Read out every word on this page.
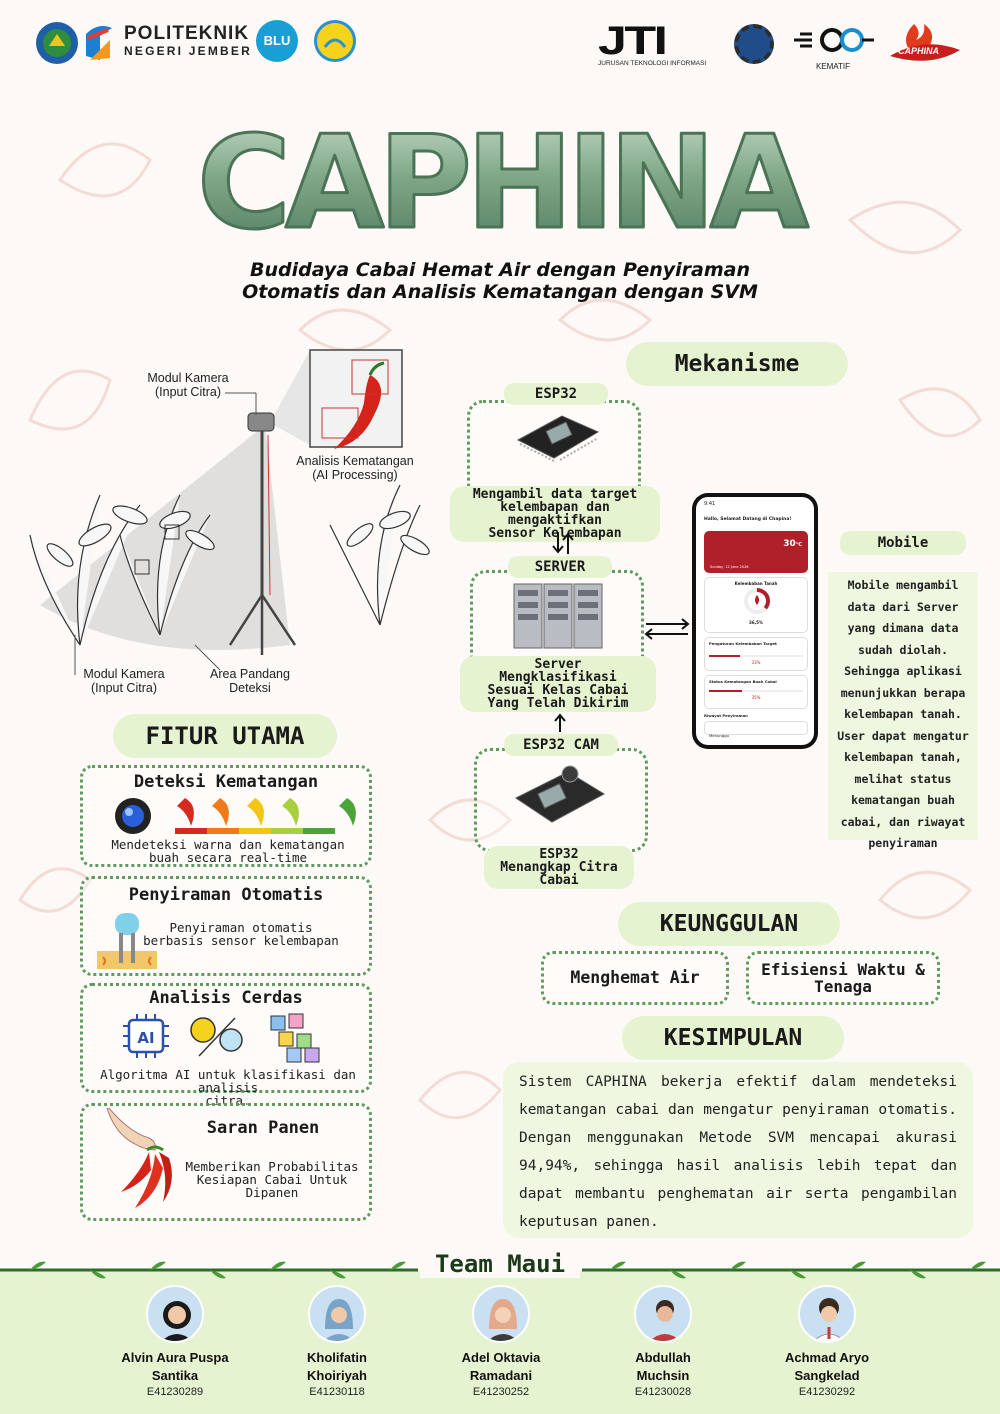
POLITEKNIK
NEGERI JEMBER
BLU	JTI
JURUSAN TEKNOLOGI INFORMASI	KEMATIF
CAPHINA
CAPHINA
Budidaya Cabai Hemat Air dengan Penyiraman
Otomatis dan Analisis Kematangan dengan SVM
Modul Kamera
(Input Citra)
Analisis Kematangan
(AI Processing)
Modul Kamera
(Input Citra)
Area Pandang
Deteksi
FITUR UTAMA
Deteksi Kematangan
Mendeteksi warna dan kematangan
buah secara real-time
Penyiraman Otomatis
Penyiraman otomatis
berbasis sensor kelembapan
Analisis Cerdas
AI
Algoritma AI untuk klasifikasi dan analisis
citra.
Saran Panen
Memberikan Probabilitas
Kesiapan Cabai Untuk
Dipanen
Mekanisme
ESP32
Mengambil data target
kelembapan dan mengaktifkan
Sensor Kelembapan
SERVER
Server
Mengklasifikasi
Sesuai Kelas Cabai
Yang Telah Dikirim
ESP32 CAM
ESP32
Menangkap Citra
Cabai
9:41
Hallo, Selamat Datang di Chapina!
30°C
Sunday, 12 June 2026
Kelembaban Tanah
36,5%
Pengaturan Kelembaban Target
33%
Status Kematangan Buah Cabai
35%
Riwayat Penyiraman
Menunggu
Mobile
Mobile mengambil data dari Server yang dimana data sudah diolah. Sehingga aplikasi menunjukkan berapa kelembapan tanah. User dapat mengatur kelembapan tanah, melihat status kematangan buah cabai, dan riwayat penyiraman
KEUNGGULAN
Menghemat Air	Efisiensi Waktu &
Tenaga
KESIMPULAN
Sistem CAPHINA bekerja efektif dalam mendeteksi kematangan cabai dan mengatur penyiraman otomatis. Dengan menggunakan Metode SVM mencapai akurasi 94,94%, sehingga hasil analisis lebih tepat dan dapat membantu penghematan air serta pengambilan keputusan panen.
Team Maui
Alvin Aura Puspa
Santika
E41230289
Kholifatin
Khoiriyah
E41230118
Adel Oktavia
Ramadani
E41230252
Abdullah
Muchsin
E41230028
Achmad Aryo
Sangkelad
E41230292
